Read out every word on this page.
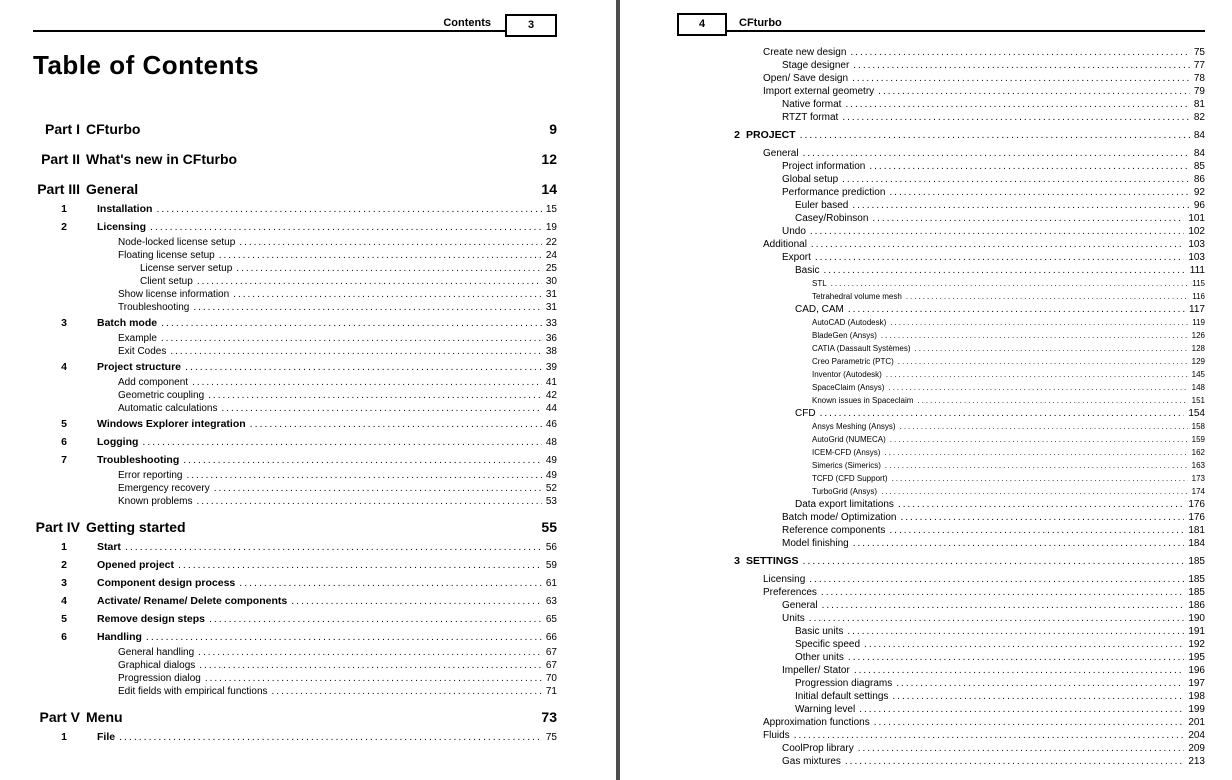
Contents	3
Table of Contents
Part I CFturbo	9
Part II What's new in CFturbo	12
Part III General	14
1	Installation .....	15
2	Licensing .....	19
Node-locked license setup .....	22
Floating license setup .....	24
License server setup .....	25
Client setup .....	30
Show license information .....	31
Troubleshooting .....	31
3	Batch mode .....	33
Example .....	36
Exit Codes .....	38
4	Project structure .....	39
Add component .....	41
Geometric coupling .....	42
Automatic calculations .....	44
5	Windows Explorer integration .....	46
6	Logging .....	48
7	Troubleshooting .....	49
Error reporting .....	49
Emergency recovery .....	52
Known problems .....	53
Part IV Getting started	55
1	Start .....	56
2	Opened project .....	59
3	Component design process .....	61
4	Activate/ Rename/ Delete components .....	63
5	Remove design steps .....	65
6	Handling .....	66
General handling .....	67
Graphical dialogs .....	67
Progression dialog .....	70
Edit fields with empirical functions .....	71
Part V Menu	73
1	File .....	75
4	CFturbo
Create new design .....	75
Stage designer .....	77
Open/ Save design .....	78
Import external geometry .....	79
Native format .....	81
RTZT format .....	82
2 PROJECT .....	84
General .....	84
Project information .....	85
Global setup .....	86
Performance prediction .....	92
Euler based .....	96
Casey/Robinson .....	101
Undo .....	102
Additional .....	103
Export .....	103
Basic .....	111
STL .....	115
Tetrahedral volume mesh .....	116
CAD, CAM .....	117
AutoCAD (Autodesk) .....	119
BladeGen (Ansys) .....	126
CATIA (Dassault Systèmes) .....	128
Creo Parametric (PTC) .....	129
Inventor (Autodesk) .....	145
SpaceClaim (Ansys) .....	148
Known issues in Spaceclaim .....	151
CFD .....	154
Ansys Meshing (Ansys) .....	158
AutoGrid (NUMECA) .....	159
ICEM-CFD (Ansys) .....	162
Simerics (Simerics) .....	163
TCFD (CFD Support) .....	173
TurboGrid (Ansys) .....	174
Data export limitations .....	176
Batch mode/ Optimization .....	176
Reference components .....	181
Model finishing .....	184
3 SETTINGS .....	185
Licensing .....	185
Preferences .....	185
General .....	186
Units .....	190
Basic units .....	191
Specific speed .....	192
Other units .....	195
Impeller/ Stator .....	196
Progression diagrams .....	197
Initial default settings .....	198
Warning level .....	199
Approximation functions .....	201
Fluids .....	204
CoolProp library .....	209
Gas mixtures .....	213
